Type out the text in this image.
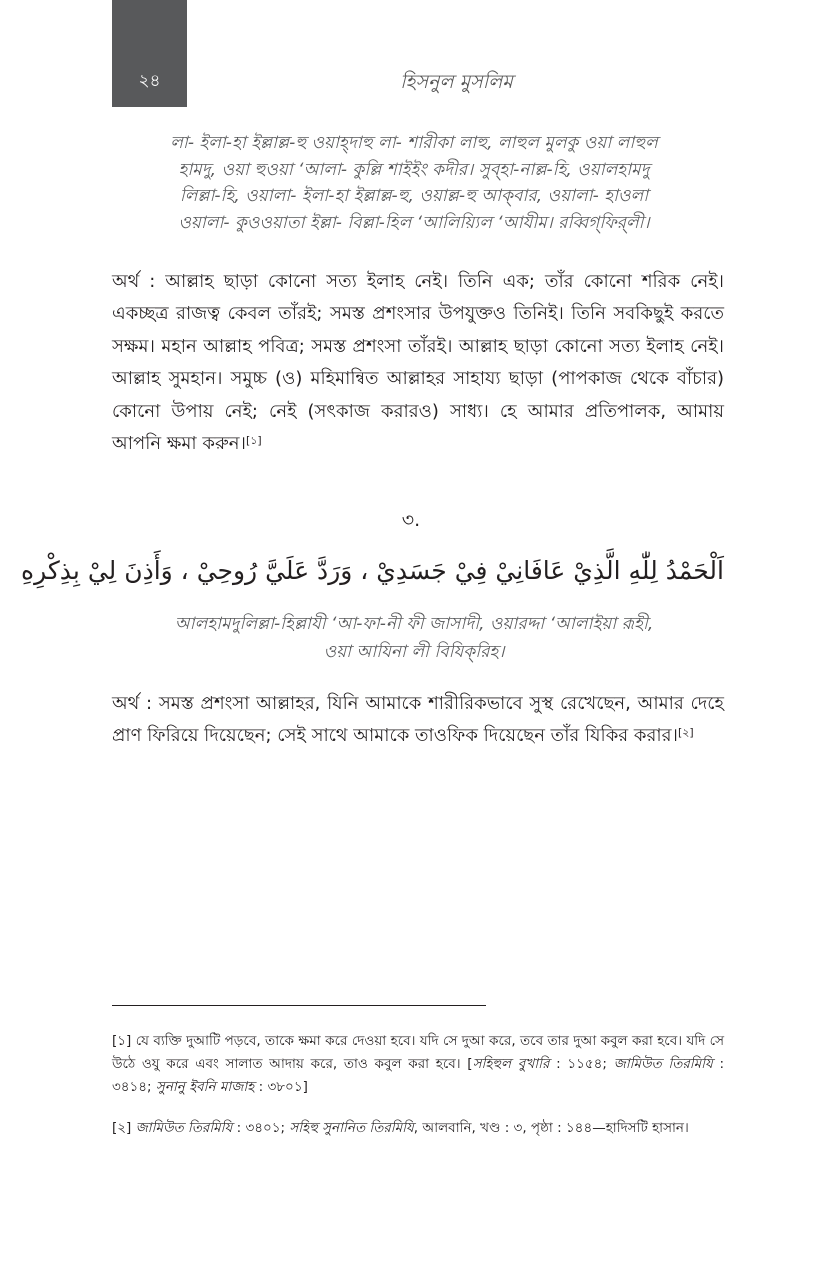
২৪	হিসনুল মুসলিম
লা- ইলা-হা ইল্লাল্ল-হু ওয়াহ্‌দাহু লা- শারীকা লাহু, লাহুল মুলকু ওয়া লাহুল
হামদু, ওয়া হুওয়া ‘আলা- কুল্লি শাইইং কদীর। সুব্‌হা-নাল্ল-হি, ওয়ালহামদু
লিল্লা-হি, ওয়ালা- ইলা-হা ইল্লাল্ল-হু, ওয়াল্ল-হু আক্‌বার, ওয়ালা- হাওলা
ওয়ালা- কুওওয়াতা ইল্লা- বিল্লা-হিল ‘আলিয়্যিল ‘আযীম। রব্বিগ্‌ফির্‌লী।
অর্থ : আল্লাহ ছাড়া কোনো সত্য ইলাহ নেই। তিনি এক; তাঁর কোনো শরিক নেই। একচ্ছত্র রাজত্ব কেবল তাঁরই; সমস্ত প্রশংসার উপযুক্তও তিনিই। তিনি সবকিছুই করতে সক্ষম। মহান আল্লাহ পবিত্র; সমস্ত প্রশংসা তাঁরই। আল্লাহ ছাড়া কোনো সত্য ইলাহ নেই। আল্লাহ সুমহান। সমুচ্চ (ও) মহিমান্বিত আল্লাহর সাহায্য ছাড়া (পাপকাজ থেকে বাঁচার) কোনো উপায় নেই; নেই (সৎকাজ করারও) সাধ্য। হে আমার প্রতিপালক, আমায় আপনি ক্ষমা করুন।[১]
৩.
اَلْحَمْدُ لِلّٰهِ الَّذِيْ عَافَانِيْ فِيْ جَسَدِيْ ، وَرَدَّ عَلَيَّ رُوحِيْ ، وَأَذِنَ لِيْ بِذِكْرِهِ
আলহামদুলিল্লা-হিল্লাযী ‘আ-ফা-নী ফী জাসাদী, ওয়ারদ্দা ‘আলাইয়া রূহী,
ওয়া আযিনা লী বিযিক্‌রিহ।
অর্থ : সমস্ত প্রশংসা আল্লাহর, যিনি আমাকে শারীরিকভাবে সুস্থ রেখেছেন, আমার দেহে প্রাণ ফিরিয়ে দিয়েছেন; সেই সাথে আমাকে তাওফিক দিয়েছেন তাঁর যিকির করার।[২]
[১] যে ব্যক্তি দুআটি পড়বে, তাকে ক্ষমা করে দেওয়া হবে। যদি সে দুআ করে, তবে তার দুআ কবুল করা হবে। যদি সে উঠে ওযু করে এবং সালাত আদায় করে, তাও কবুল করা হবে। [সহিহুল বুখারি : ১১৫৪; জামিউত তিরমিযি : ৩৪১৪; সুনানু ইবনি মাজাহ : ৩৮০১]
[২] জামিউত তিরমিযি : ৩৪০১; সহিহু সুনানিত তিরমিযি, আলবানি, খণ্ড : ৩, পৃষ্ঠা : ১৪৪—হাদিসটি হাসান।
